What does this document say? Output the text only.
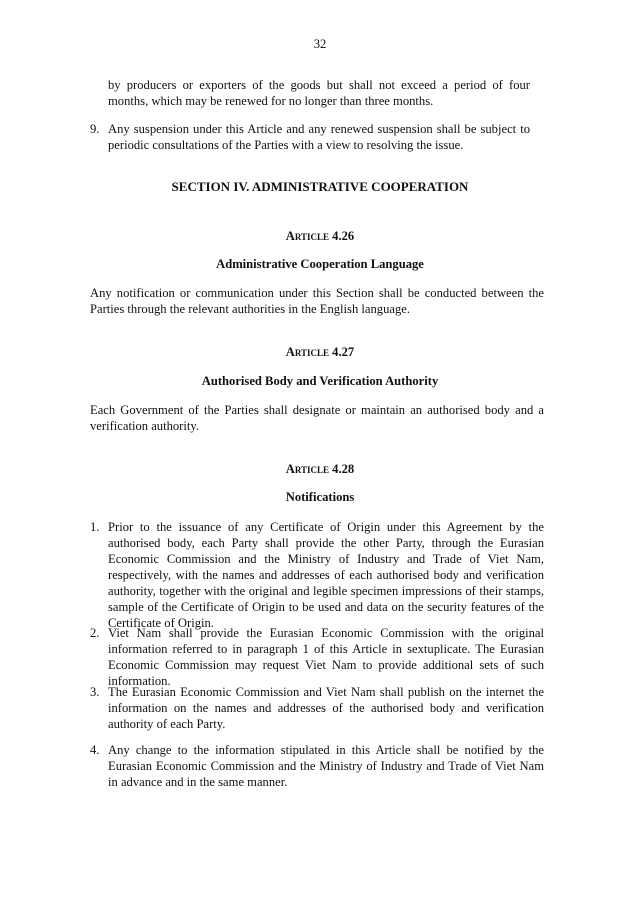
32
by producers or exporters of the goods but shall not exceed a period of four months, which may be renewed for no longer than three months.
9. Any suspension under this Article and any renewed suspension shall be subject to periodic consultations of the Parties with a view to resolving the issue.
SECTION IV. ADMINISTRATIVE COOPERATION
Article 4.26
Administrative Cooperation Language
Any notification or communication under this Section shall be conducted between the Parties through the relevant authorities in the English language.
Article 4.27
Authorised Body and Verification Authority
Each Government of the Parties shall designate or maintain an authorised body and a verification authority.
Article 4.28
Notifications
1. Prior to the issuance of any Certificate of Origin under this Agreement by the authorised body, each Party shall provide the other Party, through the Eurasian Economic Commission and the Ministry of Industry and Trade of Viet Nam, respectively, with the names and addresses of each authorised body and verification authority, together with the original and legible specimen impressions of their stamps, sample of the Certificate of Origin to be used and data on the security features of the Certificate of Origin.
2. Viet Nam shall provide the Eurasian Economic Commission with the original information referred to in paragraph 1 of this Article in sextuplicate. The Eurasian Economic Commission may request Viet Nam to provide additional sets of such information.
3. The Eurasian Economic Commission and Viet Nam shall publish on the internet the information on the names and addresses of the authorised body and verification authority of each Party.
4. Any change to the information stipulated in this Article shall be notified by the Eurasian Economic Commission and the Ministry of Industry and Trade of Viet Nam in advance and in the same manner.
